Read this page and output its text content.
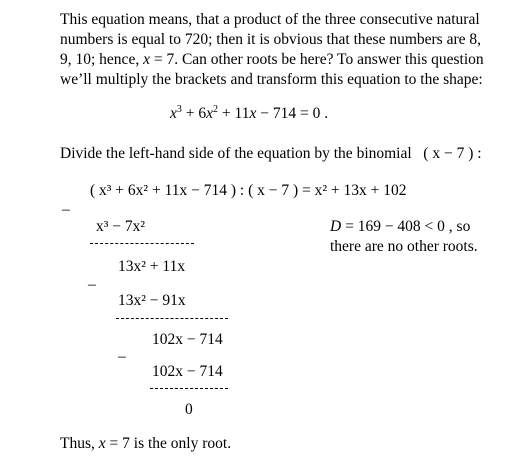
This equation means, that a product of the three consecutive natural
numbers is equal to 720; then it is obvious that these numbers are 8,
9, 10; hence, x = 7. Can other roots be here? To answer this question
we’ll multiply the brackets and transform this equation to the shape:
$x^3 + 6x^2 + 11x - 714 = 0$ .
Divide the left-hand side of the equation by the binomial ( x − 7 ) :
( x³ + 6x² + 11x − 714 ) : ( x − 7 ) = x² + 13x + 102
–
x³ − 7x²	D = 169 − 408 < 0 , so
there are no other roots.
13x² + 11x
–
13x² − 91x
102x − 714
–
102x − 714
0
Thus, x = 7 is the only root.
